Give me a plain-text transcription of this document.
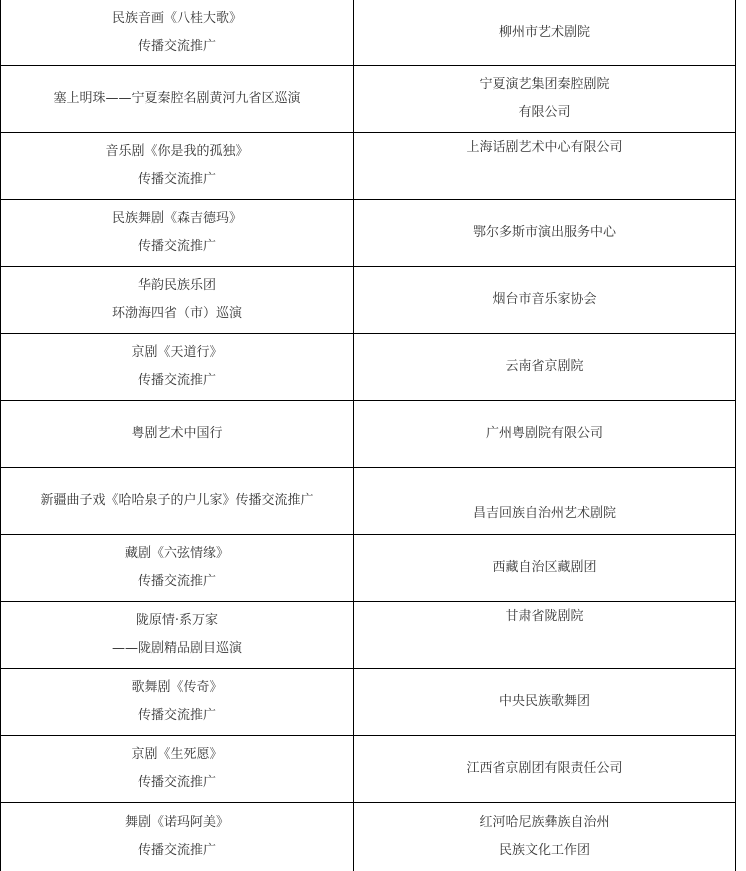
民族音画《八桂大歌》
传播交流推广
柳州市艺术剧院
塞上明珠——宁夏秦腔名剧黄河九省区巡演
宁夏演艺集团秦腔剧院
有限公司
音乐剧《你是我的孤独》
传播交流推广
上海话剧艺术中心有限公司
民族舞剧《森吉德玛》
传播交流推广
鄂尔多斯市演出服务中心
华韵民族乐团
环渤海四省（市）巡演
烟台市音乐家协会
京剧《天道行》
传播交流推广
云南省京剧院
粤剧艺术中国行	广州粤剧院有限公司
新疆曲子戏《哈哈泉子的户儿家》传播交流推广
昌吉回族自治州艺术剧院
藏剧《六弦情缘》
传播交流推广
西藏自治区藏剧团
陇原情·系万家
——陇剧精品剧目巡演
甘肃省陇剧院
歌舞剧《传奇》
传播交流推广
中央民族歌舞团
京剧《生死愿》
传播交流推广
江西省京剧团有限责任公司
舞剧《诺玛阿美》
传播交流推广
红河哈尼族彝族自治州
民族文化工作团
